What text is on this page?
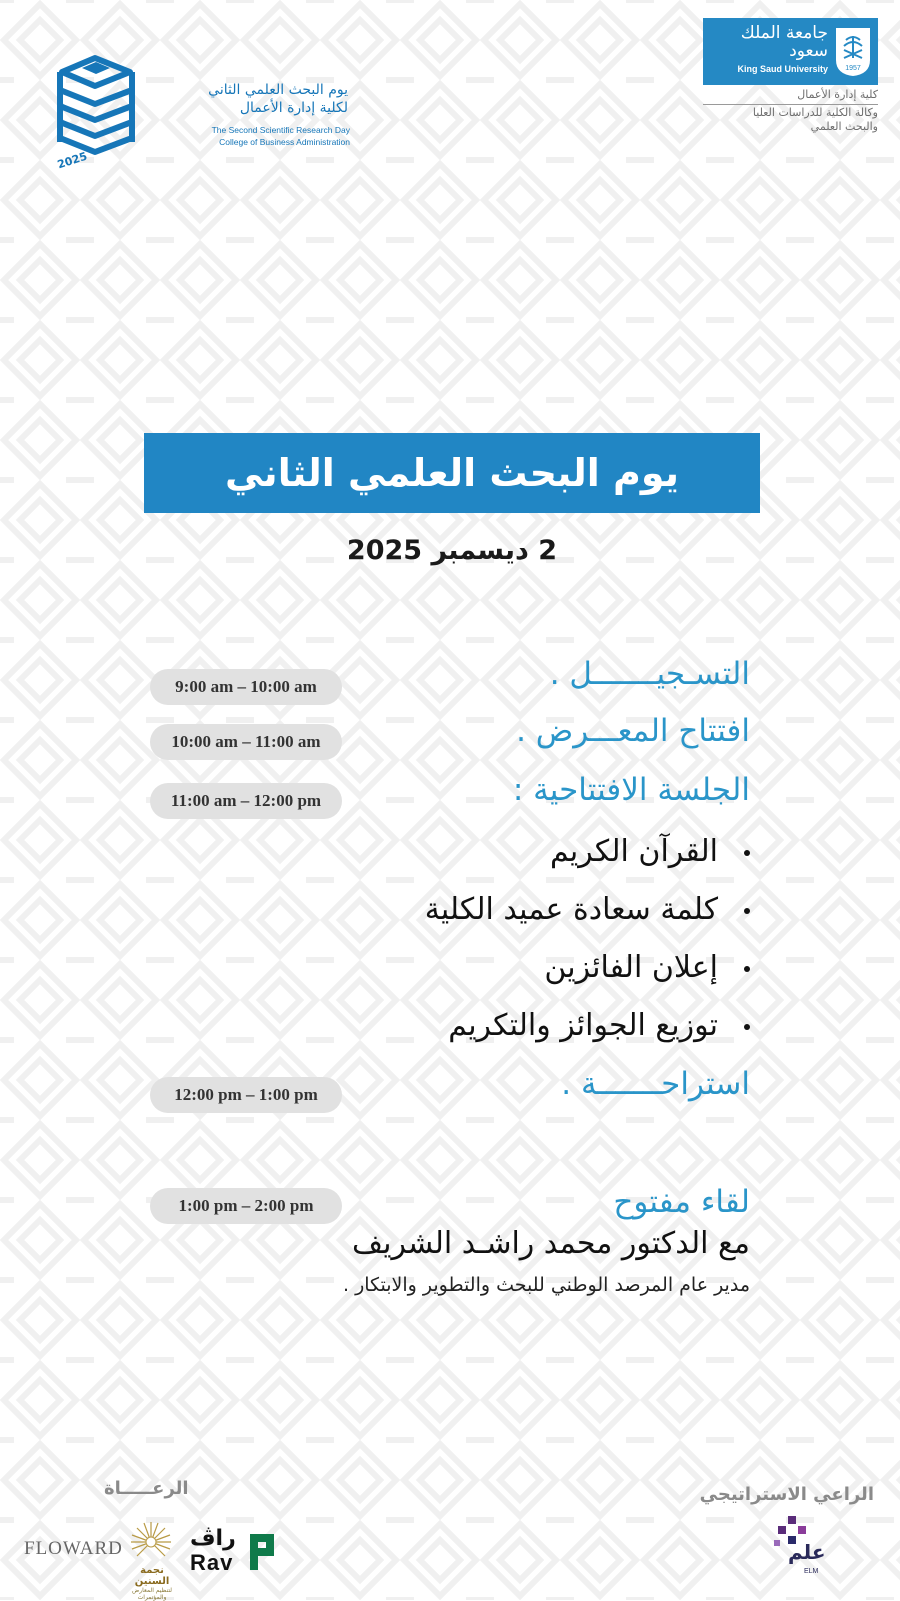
2025
يوم البحث العلمي الثاني
لكلية إدارة الأعمال
The Second Scientific Research Day
College of Business Administration
جامعة الملك سعود
King Saud University 1957
كلية إدارة الأعمال
وكالة الكلية للدراسات العليا
والبحث العلمي
يوم البحث العلمي الثاني
2 ديسمبر 2025
التسـجيـــــــل .
9:00 am – 10:00 am
افتتاح المعـــرض .
10:00 am – 11:00 am
الجلسة الافتتاحية :
11:00 am – 12:00 pm
القرآن الكريم
كلمة سعادة عميد الكلية
إعلان الفائزين
توزيع الجوائز والتكريم
استراحـــــــة .
12:00 pm – 1:00 pm
لقاء مفتوح
1:00 pm – 2:00 pm
مع الدكتور محمد راشـد الشريف
مدير عام المرصد الوطني للبحث والتطوير والابتكار .
الرعـــــاة	الراعي الاستراتيجي
FLOWARD
نجمة السنين
لتنظيم المعارض والمؤتمرات
راڤ
Rav	علم
ELM
